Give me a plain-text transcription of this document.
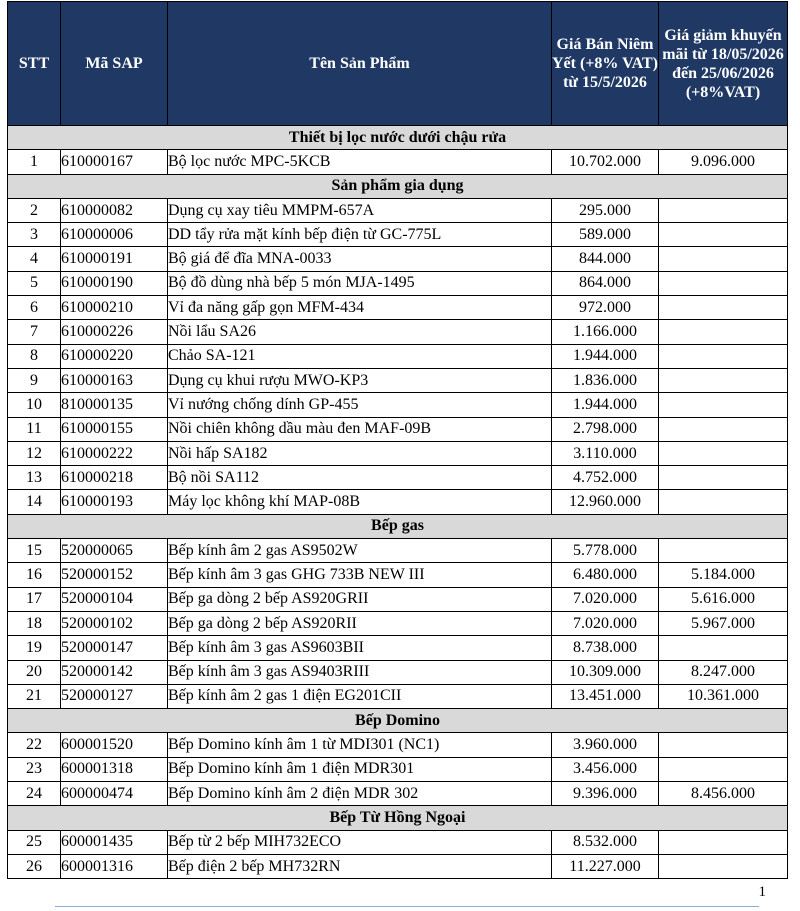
STT	Mã SAP	Tên Sản Phẩm	Giá Bán Niêm Yết (+8% VAT) từ 15/5/2026	Giá giảm khuyến mãi từ 18/05/2026 đến 25/06/2026 (+8%VAT)
Thiết bị lọc nước dưới chậu rửa				
1	610000167	Bộ lọc nước MPC-5KCB	10.702.000	9.096.000
Sản phẩm gia dụng				
2	610000082	Dụng cụ xay tiêu MMPM-657A	295.000	
3	610000006	DD tẩy rửa mặt kính bếp điện từ GC-775L	589.000	
4	610000191	Bộ giá để đĩa MNA-0033	844.000	
5	610000190	Bộ đồ dùng nhà bếp 5 món MJA-1495	864.000	
6	610000210	Vỉ đa năng gấp gọn MFM-434	972.000	
7	610000226	Nồi lẩu SA26	1.166.000	
8	610000220	Chảo SA-121	1.944.000	
9	610000163	Dụng cụ khui rượu MWO-KP3	1.836.000	
10	810000135	Vỉ nướng chống dính GP-455	1.944.000	
11	610000155	Nồi chiên không dầu màu đen MAF-09B	2.798.000	
12	610000222	Nồi hấp SA182	3.110.000	
13	610000218	Bộ nồi SA112	4.752.000	
14	610000193	Máy lọc không khí MAP-08B	12.960.000	
Bếp gas				
15	520000065	Bếp kính âm 2 gas AS9502W	5.778.000	
16	520000152	Bếp kính âm 3 gas GHG 733B NEW III	6.480.000	5.184.000
17	520000104	Bếp ga dòng 2 bếp AS920GRII	7.020.000	5.616.000
18	520000102	Bếp ga dòng 2 bếp AS920RII	7.020.000	5.967.000
19	520000147	Bếp kính âm 3 gas AS9603BII	8.738.000	
20	520000142	Bếp kính âm 3 gas AS9403RIII	10.309.000	8.247.000
21	520000127	Bếp kính âm 2 gas 1 điện EG201CII	13.451.000	10.361.000
Bếp Domino				
22	600001520	Bếp Domino kính âm 1 từ MDI301 (NC1)	3.960.000	
23	600001318	Bếp Domino kính âm 1 điện MDR301	3.456.000	
24	600000474	Bếp Domino kính âm 2 điện MDR 302	9.396.000	8.456.000
Bếp Từ Hồng Ngoại				
25	600001435	Bếp từ 2 bếp MIH732ECO	8.532.000	
26	600001316	Bếp điện 2 bếp MH732RN	11.227.000	
1
